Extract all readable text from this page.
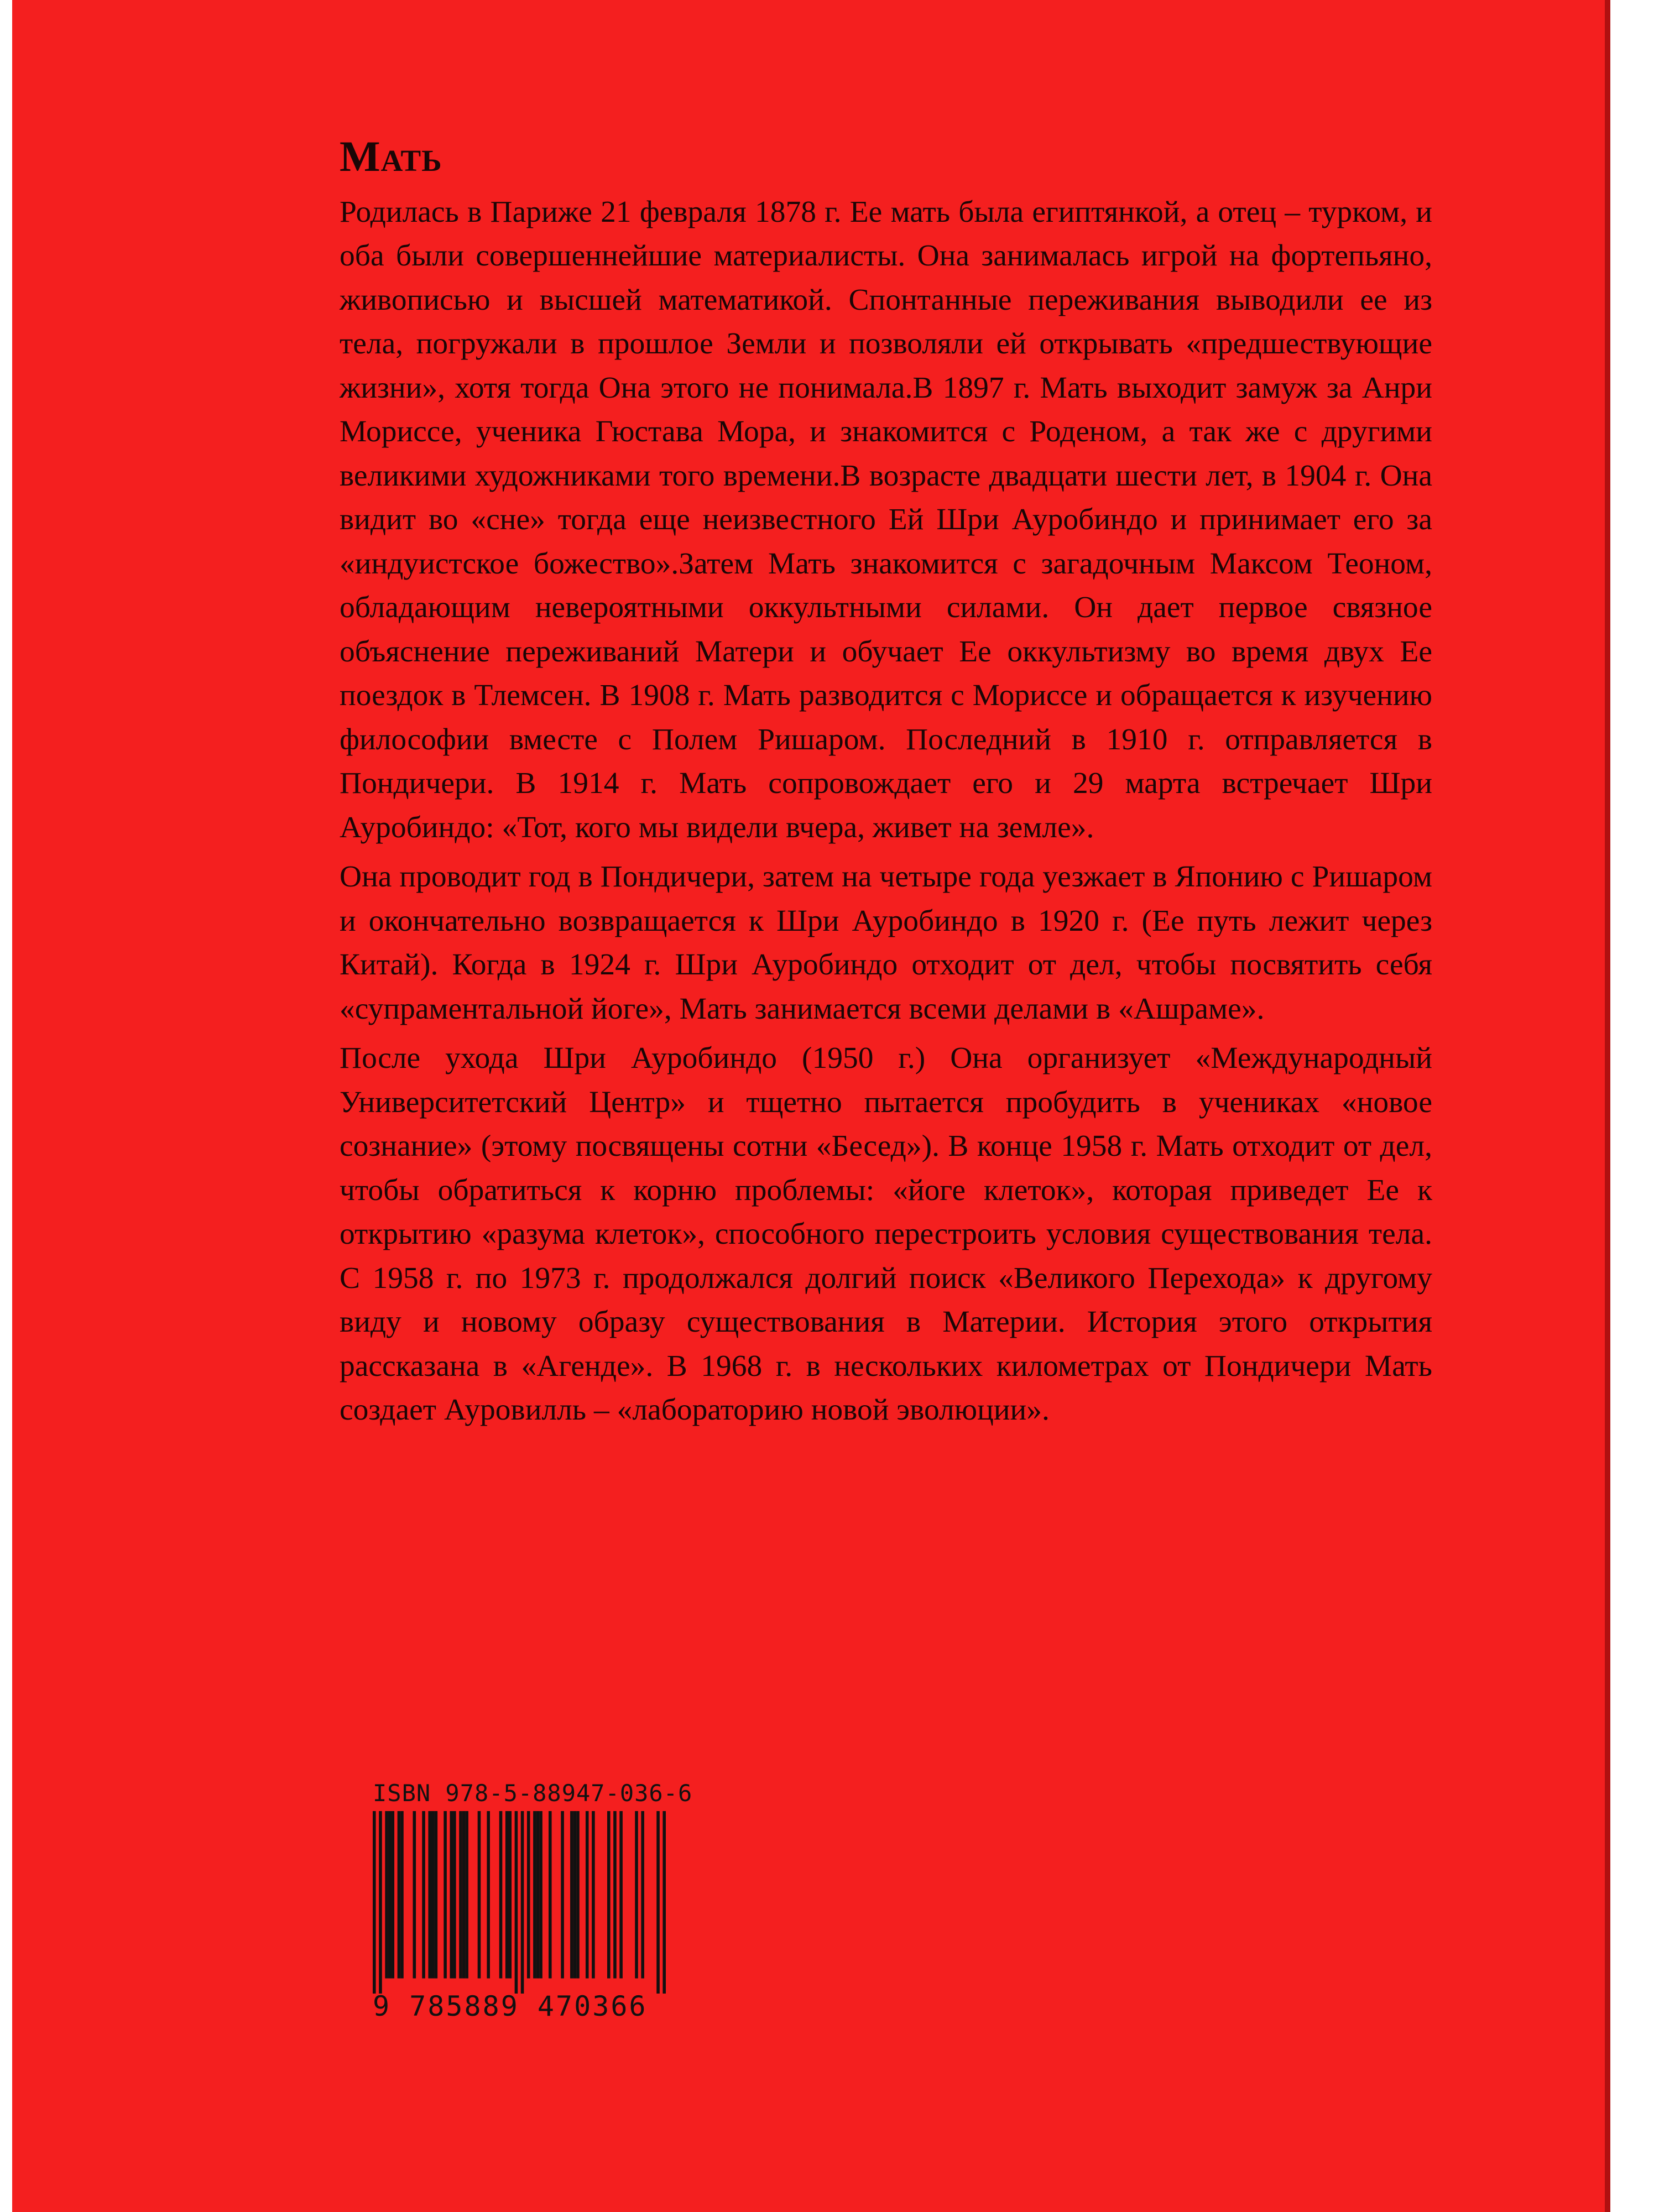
Мать

Родилась в Париже 21 февраля 1878 г. Ее мать была египтянкой, а отец – турком, и оба были совершеннейшие материалисты. Она занималась игрой на фортепьяно, живописью и высшей математикой. Спонтанные переживания выводили ее из тела, погружали в прошлое Земли и позволяли ей открывать «предшествующие жизни», хотя тогда Она этого не понимала.В 1897 г. Мать выходит замуж за Анри Мориссе, ученика Гюстава Мора, и знакомится с Роденом, а так же с другими великими художниками того времени.В возрасте двадцати шести лет, в 1904 г. Она видит во «сне» тогда еще неизвестного Ей Шри Ауробиндо и принимает его за «индуистское божество».Затем Мать знакомится с загадочным Максом Теоном, обладающим невероятными оккультными силами. Он дает первое связное объяснение переживаний Матери и обучает Ее оккультизму во время двух Ее поездок в Тлемсен. В 1908 г. Мать разводится с Мориссе и обращается к изучению философии вместе с Полем Ришаром. Последний в 1910 г. отправляется в Пондичери. В 1914 г. Мать сопровождает его и 29 марта встречает Шри Ауробиндо: «Тот, кого мы видели вчера, живет на земле».

Она проводит год в Пондичери, затем на четыре года уезжает в Японию с Ришаром и окончательно возвращается к Шри Ауробиндо в 1920 г. (Ее путь лежит через Китай). Когда в 1924 г. Шри Ауробиндо отходит от дел, чтобы посвятить себя «супраментальной йоге», Мать занимается всеми делами в «Ашраме».

После ухода Шри Ауробиндо (1950 г.) Она организует «Международный Университетский Центр» и тщетно пытается пробудить в учениках «новое сознание» (этому посвящены сотни «Бесед»). В конце 1958 г. Мать отходит от дел, чтобы обратиться к корню проблемы: «йоге клеток», которая приведет Ее к открытию «разума клеток», способного перестроить условия существования тела. С 1958 г. по 1973 г. продолжался долгий поиск «Великого Перехода» к другому виду и новому образу существования в Материи. История этого открытия рассказана в «Агенде». В 1968 г. в нескольких километрах от Пондичери Мать создает Ауровилль – «лабораторию новой эволюции».

ISBN 978-5-88947-036-6
9 785889 470366
